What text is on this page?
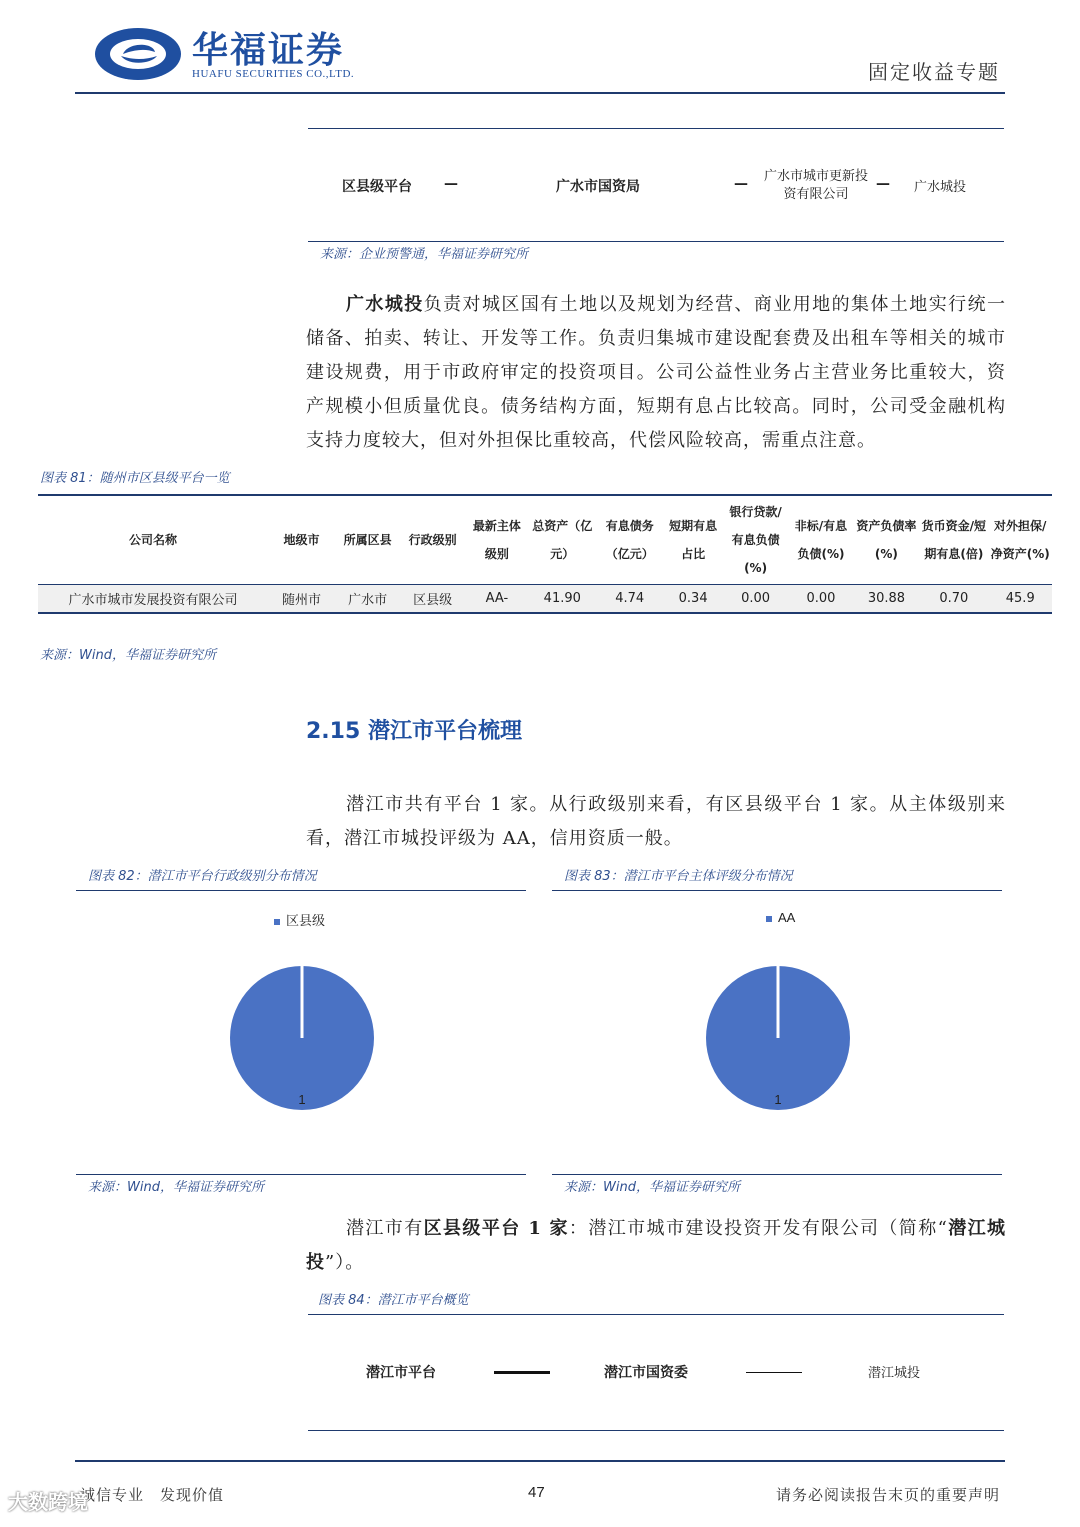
华福证券
HUAFU SECURITIES CO.,LTD.	固定收益专题
区县级平台 —	广水市国资局	—	广水市城市更新投
资有限公司
— 广水城投
来源：企业预警通，华福证券研究所
广水城投负责对城区国有土地以及规划为经营、商业用地的集体土地实行统一储备、拍卖、转让、开发等工作。负责归集城市建设配套费及出租车等相关的城市建设规费，用于市政府审定的投资项目。公司公益性业务占主营业务比重较大，资产规模小但质量优良。债务结构方面，短期有息占比较高。同时，公司受金融机构支持力度较大，但对外担保比重较高，代偿风险较高，需重点注意。
图表 81：随州市区县级平台一览
公司名称	地级市	所属区县	行政级别	最新主体级别	总资产（亿元）	有息债务（亿元）	短期有息占比	银行贷款/有息负债(%)	非标/有息负债(%)	资产负债率(%)	货币资金/短期有息(倍)	对外担保/净资产(%)
广水市城市发展投资有限公司	随州市	广水市	区县级	AA-	41.90	4.74	0.34	0.00	0.00	30.88	0.70	45.9
来源：Wind，华福证券研究所
2.15 潜江市平台梳理
潜江市共有平台 1 家。从行政级别来看，有区县级平台 1 家。从主体级别来看，潜江市城投评级为 AA，信用资质一般。
图表 82：潜江市平台行政级别分布情况
区县级
1
来源：Wind，华福证券研究所
图表 83：潜江市平台主体评级分布情况
AA
1
来源：Wind，华福证券研究所
潜江市有区县级平台 1 家：潜江市城市建设投资开发有限公司（简称“潜江城投”）。
图表 84：潜江市平台概览
潜江市平台	潜江市国资委	潜江城投
诚信专业　发现价值	47	请务必阅读报告末页的重要声明
大数跨境
